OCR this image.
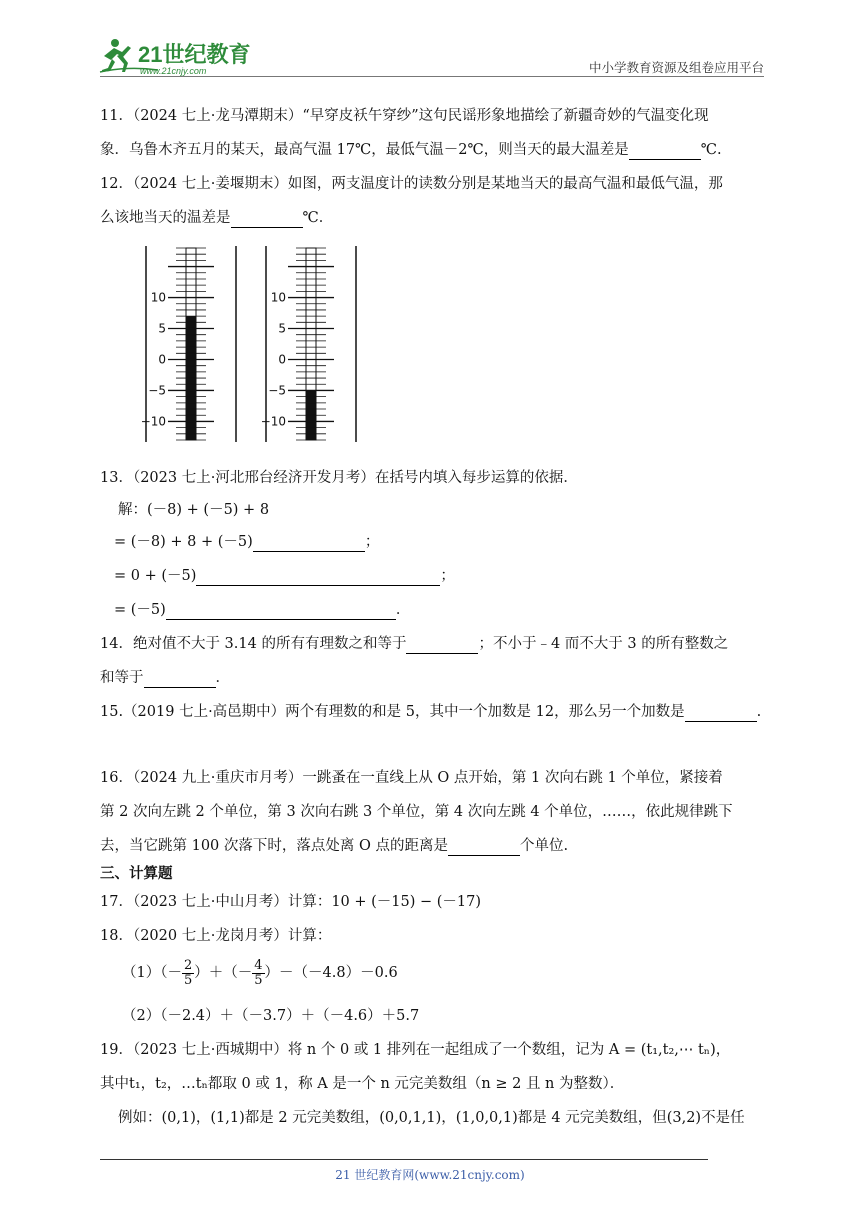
21世纪教育
www.21cnjy.com	中小学教育资源及组卷应用平台
11．（2024 七上·龙马潭期末）“早穿皮袄午穿纱”这句民谣形象地描绘了新疆奇妙的气温变化现
象．乌鲁木齐五月的某天，最高气温 17℃，最低气温－2℃，则当天的最大温差是	℃.
12．（2024 七上·姜堰期末）如图，两支温度计的读数分别是某地当天的最高气温和最低气温，那
么该地当天的温差是	℃．
10
5
0
−5
−10
10
5
0
−5
−10
13．（2023 七上·河北邢台经济开发月考）在括号内填入每步运算的依据．
解：(－8) + (－5) + 8
= (－8) + 8 + (－5)	；
= 0 + (－5)	；
= (－5)	．
14．绝对值不大于 3.14 的所有有理数之和等于	；不小于﹣4 而不大于 3 的所有整数之
和等于	．
15.（2019 七上·高邑期中）两个有理数的和是 5，其中一个加数是 12，那么另一个加数是	.
16．（2024 九上·重庆市月考）一跳蚤在一直线上从 O 点开始，第 1 次向右跳 1 个单位，紧接着
第 2 次向左跳 2 个单位，第 3 次向右跳 3 个单位，第 4 次向左跳 4 个单位，……，依此规律跳下
去，当它跳第 100 次落下时，落点处离 O 点的距离是	个单位.
三、计算题
17．（2023 七上·中山月考）计算：10 + (－15) − (－17)
18．（2020 七上·龙岗月考）计算：
$(1)(- \frac{2}{5}$ ）＋（－ $\frac{4}{5} )-(-4.8)-0.6$
（2）（－2.4）＋（－3.7）＋（－4.6）＋5.7
19．（2023 七上·西城期中）将 n 个 0 或 1 排列在一起组成了一个数组，记为 A = (t₁,t₂,⋯ tₙ)，
其中t₁，t₂，…tₙ都取 0 或 1，称 A 是一个 n 元完美数组（n ≥ 2 且 n 为整数）．
例如：(0,1)，(1,1)都是 2 元完美数组，(0,0,1,1)，(1,0,0,1)都是 4 元完美数组，但(3,2)不是任
21 世纪教育网(www.21cnjy.com)
